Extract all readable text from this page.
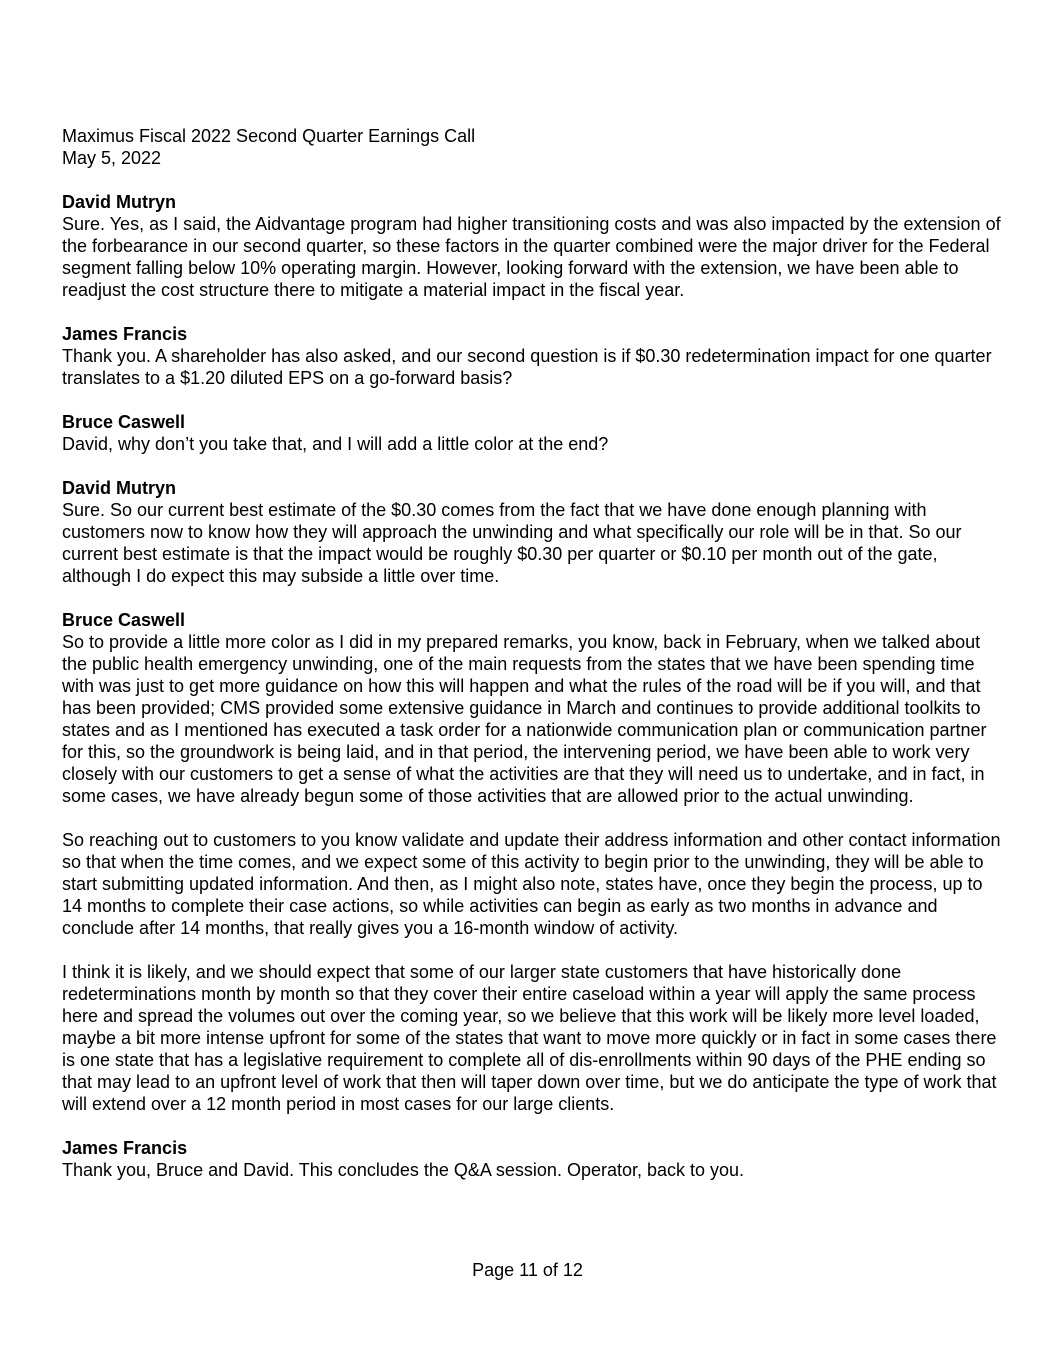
Maximus Fiscal 2022 Second Quarter Earnings Call
May 5, 2022
David Mutryn

Sure. Yes, as I said, the Aidvantage program had higher transitioning costs and was also impacted by the extension of the forbearance in our second quarter, so these factors in the quarter combined were the major driver for the Federal segment falling below 10% operating margin. However, looking forward with the extension, we have been able to readjust the cost structure there to mitigate a material impact in the fiscal year.

James Francis

Thank you. A shareholder has also asked, and our second question is if $0.30 redetermination impact for one quarter translates to a $1.20 diluted EPS on a go-forward basis?

Bruce Caswell

David, why don’t you take that, and I will add a little color at the end?

David Mutryn

Sure. So our current best estimate of the $0.30 comes from the fact that we have done enough planning with customers now to know how they will approach the unwinding and what specifically our role will be in that. So our current best estimate is that the impact would be roughly $0.30 per quarter or $0.10 per month out of the gate, although I do expect this may subside a little over time.

Bruce Caswell

So to provide a little more color as I did in my prepared remarks, you know, back in February, when we talked about the public health emergency unwinding, one of the main requests from the states that we have been spending time with was just to get more guidance on how this will happen and what the rules of the road will be if you will, and that has been provided; CMS provided some extensive guidance in March and continues to provide additional toolkits to states and as I mentioned has executed a task order for a nationwide communication plan or communication partner for this, so the groundwork is being laid, and in that period, the intervening period, we have been able to work very closely with our customers to get a sense of what the activities are that they will need us to undertake, and in fact, in some cases, we have already begun some of those activities that are allowed prior to the actual unwinding.

So reaching out to customers to you know validate and update their address information and other contact information so that when the time comes, and we expect some of this activity to begin prior to the unwinding, they will be able to start submitting updated information. And then, as I might also note, states have, once they begin the process, up to 14 months to complete their case actions, so while activities can begin as early as two months in advance and conclude after 14 months, that really gives you a 16-month window of activity.

I think it is likely, and we should expect that some of our larger state customers that have historically done redeterminations month by month so that they cover their entire caseload within a year will apply the same process here and spread the volumes out over the coming year, so we believe that this work will be likely more level loaded, maybe a bit more intense upfront for some of the states that want to move more quickly or in fact in some cases there is one state that has a legislative requirement to complete all of dis-enrollments within 90 days of the PHE ending so that may lead to an upfront level of work that then will taper down over time, but we do anticipate the type of work that will extend over a 12 month period in most cases for our large clients.

James Francis

Thank you, Bruce and David. This concludes the Q&A session. Operator, back to you.

Page 11 of 12
